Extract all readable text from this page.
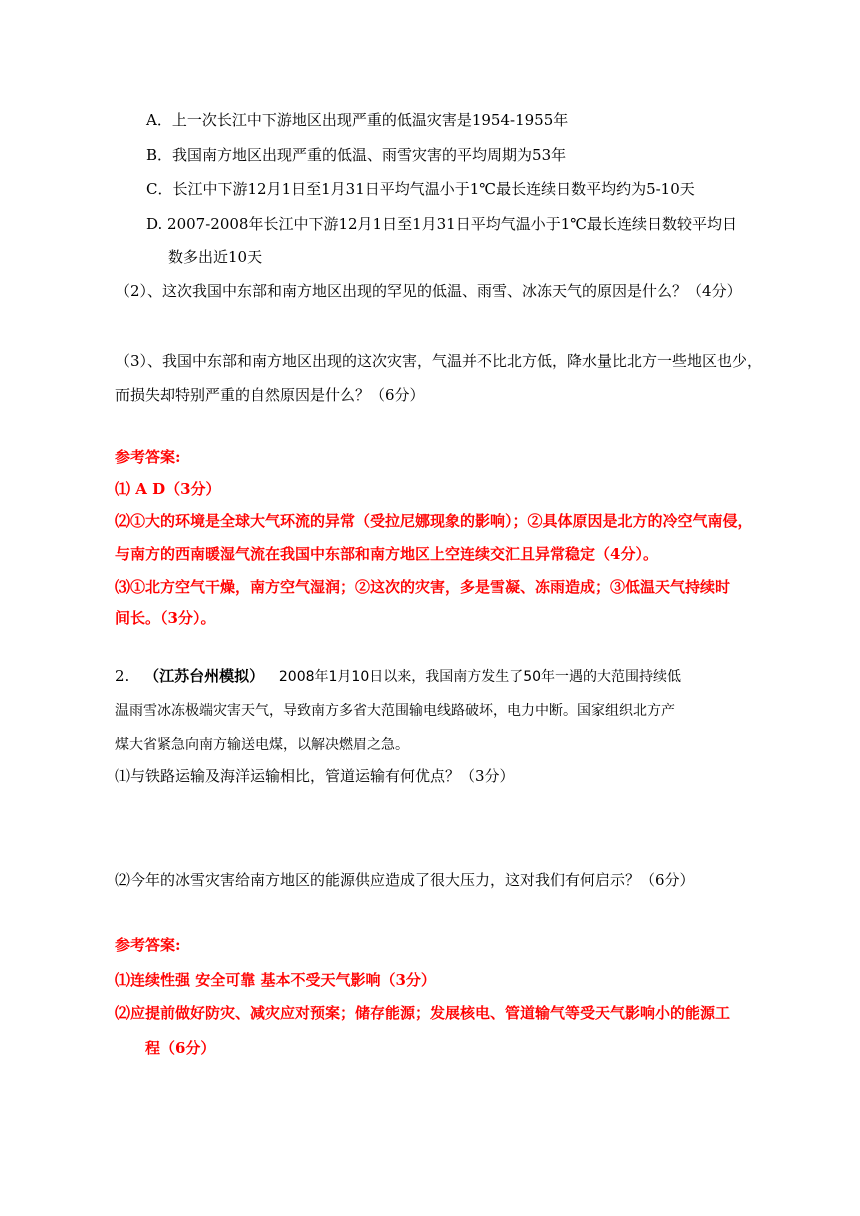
A．上一次长江中下游地区出现严重的低温灾害是1954-1955年
B．我国南方地区出现严重的低温、雨雪灾害的平均周期为53年
C．长江中下游12月1日至1月31日平均气温小于1℃最长连续日数平均约为5-10天
D. 2007-2008年长江中下游12月1日至1月31日平均气温小于1℃最长连续日数较平均日
数多出近10天
（2）、这次我国中东部和南方地区出现的罕见的低温、雨雪、冰冻天气的原因是什么？（4分）
（3）、我国中东部和南方地区出现的这次灾害，气温并不比北方低，降水量比北方一些地区也少，
而损失却特别严重的自然原因是什么？（6分）
参考答案:
⑴ A D（3分）
⑵①大的环境是全球大气环流的异常（受拉尼娜现象的影响）；②具体原因是北方的冷空气南侵，
与南方的西南暖湿气流在我国中东部和南方地区上空连续交汇且异常稳定（4分）。
⑶①北方空气干燥，南方空气湿润；②这次的灾害，多是雪凝、冻雨造成；③低温天气持续时
间长。（3分）。
2. （江苏台州模拟） 2008年1月10日以来，我国南方发生了50年一遇的大范围持续低
温雨雪冰冻极端灾害天气，导致南方多省大范围输电线路破坏，电力中断。国家组织北方产
煤大省紧急向南方输送电煤，以解决燃眉之急。
⑴与铁路运输及海洋运输相比，管道运输有何优点？（3分）
⑵今年的冰雪灾害给南方地区的能源供应造成了很大压力，这对我们有何启示？（6分）
参考答案:
⑴连续性强 安全可靠 基本不受天气影响（3分）
⑵应提前做好防灾、减灾应对预案；储存能源；发展核电、管道输气等受天气影响小的能源工
程（6分）
